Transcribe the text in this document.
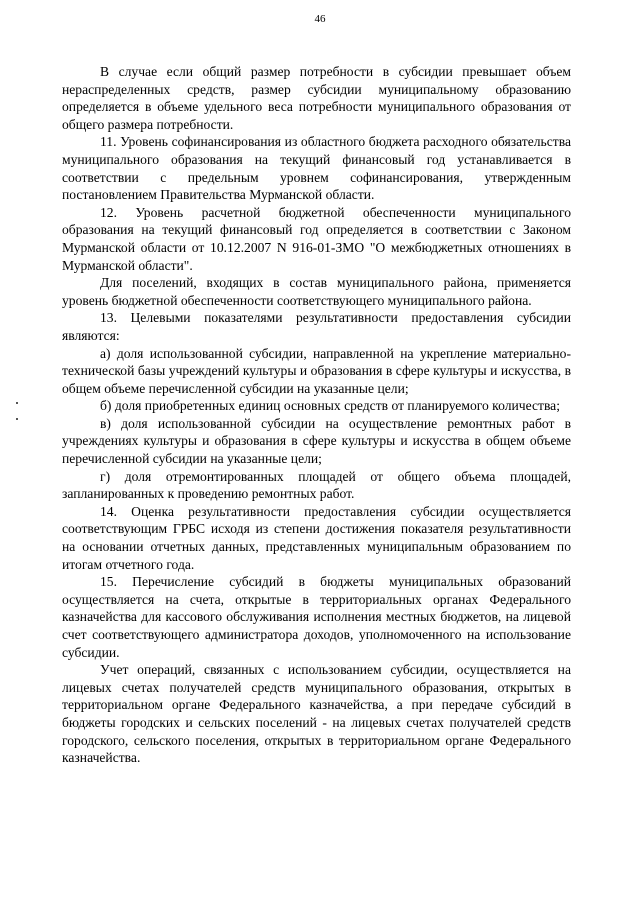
46

В случае если общий размер потребности в субсидии превышает объем нераспределенных средств, размер субсидии муниципальному образованию определяется в объеме удельного веса потребности муниципального образования от общего размера потребности.

11. Уровень софинансирования из областного бюджета расходного обязательства муниципального образования на текущий финансовый год устанавливается в соответствии с предельным уровнем софинансирования, утвержденным постановлением Правительства Мурманской области.

12. Уровень расчетной бюджетной обеспеченности муниципального образования на текущий финансовый год определяется в соответствии с Законом Мурманской области от 10.12.2007 N 916-01-ЗМО "О межбюджетных отношениях в Мурманской области".

Для поселений, входящих в состав муниципального района, применяется уровень бюджетной обеспеченности соответствующего муниципального района.

13. Целевыми показателями результативности предоставления субсидии являются:

а) доля использованной субсидии, направленной на укрепление материально-технической базы учреждений культуры и образования в сфере культуры и искусства, в общем объеме перечисленной субсидии на указанные цели;

б) доля приобретенных единиц основных средств от планируемого количества;

в) доля использованной субсидии на осуществление ремонтных работ в учреждениях культуры и образования в сфере культуры и искусства в общем объеме перечисленной субсидии на указанные цели;

г) доля отремонтированных площадей от общего объема площадей, запланированных к проведению ремонтных работ.

14. Оценка результативности предоставления субсидии осуществляется соответствующим ГРБС исходя из степени достижения показателя результативности на основании отчетных данных, представленных муниципальным образованием по итогам отчетного года.

15. Перечисление субсидий в бюджеты муниципальных образований осуществляется на счета, открытые в территориальных органах Федерального казначейства для кассового обслуживания исполнения местных бюджетов, на лицевой счет соответствующего администратора доходов, уполномоченного на использование субсидии.

Учет операций, связанных с использованием субсидии, осуществляется на лицевых счетах получателей средств муниципального образования, открытых в территориальном органе Федерального казначейства, а при передаче субсидий в бюджеты городских и сельских поселений - на лицевых счетах получателей средств городского, сельского поселения, открытых в территориальном органе Федерального казначейства.
